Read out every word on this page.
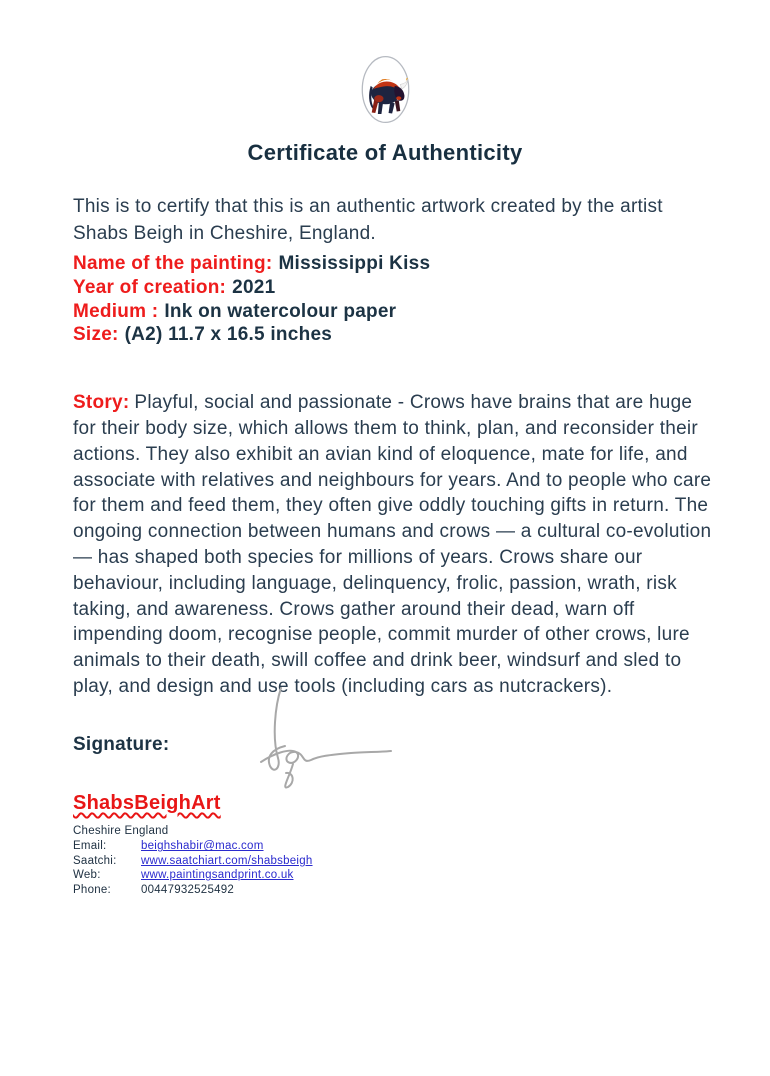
Certificate of Authenticity

This is to certify that this is an authentic artwork created by the artist Shabs Beigh in Cheshire, England.

Name of the painting: Mississippi Kiss
Year of creation: 2021
Medium : Ink on watercolour paper
Size: (A2) 11.7 x 16.5 inches

Story: Playful, social and passionate - Crows have brains that are huge for their body size, which allows them to think, plan, and reconsider their actions. They also exhibit an avian kind of eloquence, mate for life, and associate with relatives and neighbours for years. And to people who care for them and feed them, they often give oddly touching gifts in return. The ongoing connection between humans and crows — a cultural co-evolution — has shaped both species for millions of years. Crows share our behaviour, including language, delinquency, frolic, passion, wrath, risk taking, and awareness. Crows gather around their dead, warn off impending doom, recognise people, commit murder of other crows, lure animals to their death, swill coffee and drink beer, windsurf and sled to play, and design and use tools (including cars as nutcrackers).

Signature:
ShabsBeighArt
Cheshire England
Email:	beighshabir@mac.com
Saatchi:	www.saatchiart.com/shabsbeigh
Web:	www.paintingsandprint.co.uk
Phone:	00447932525492
